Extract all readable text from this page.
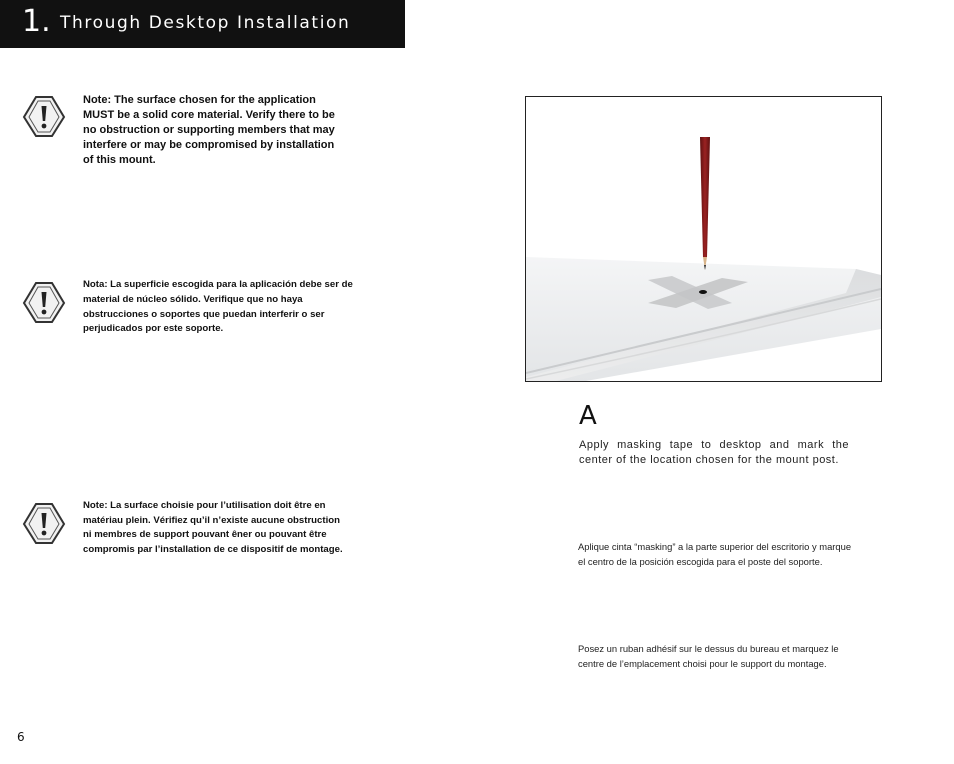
1. Through Desktop Installation
Note: The surface chosen for the application MUST be a solid core material. Verify there to be no obstruction or supporting members that may interfere or may be compromised by installation of this mount.
Nota: La superficie escogida para la aplicación debe ser de material de núcleo sólido. Verifique que no haya obstrucciones o soportes que puedan interferir o ser perjudicados por este soporte.
Note: La surface choisie pour l’utilisation doit être en matériau plein. Vérifiez qu’il n’existe aucune obstruction ni membres de support pouvant êner ou pouvant être compromis par l’installation de ce dispositif de montage.
A
Apply masking tape to desktop and mark the center of the location chosen for the mount post.
Aplique cinta “masking” a la parte superior del escritorio y marque el centro de la posición escogida para el poste del soporte.
Posez un ruban adhésif sur le dessus du bureau et marquez le centre de l’emplacement choisi pour le support du montage.
6
